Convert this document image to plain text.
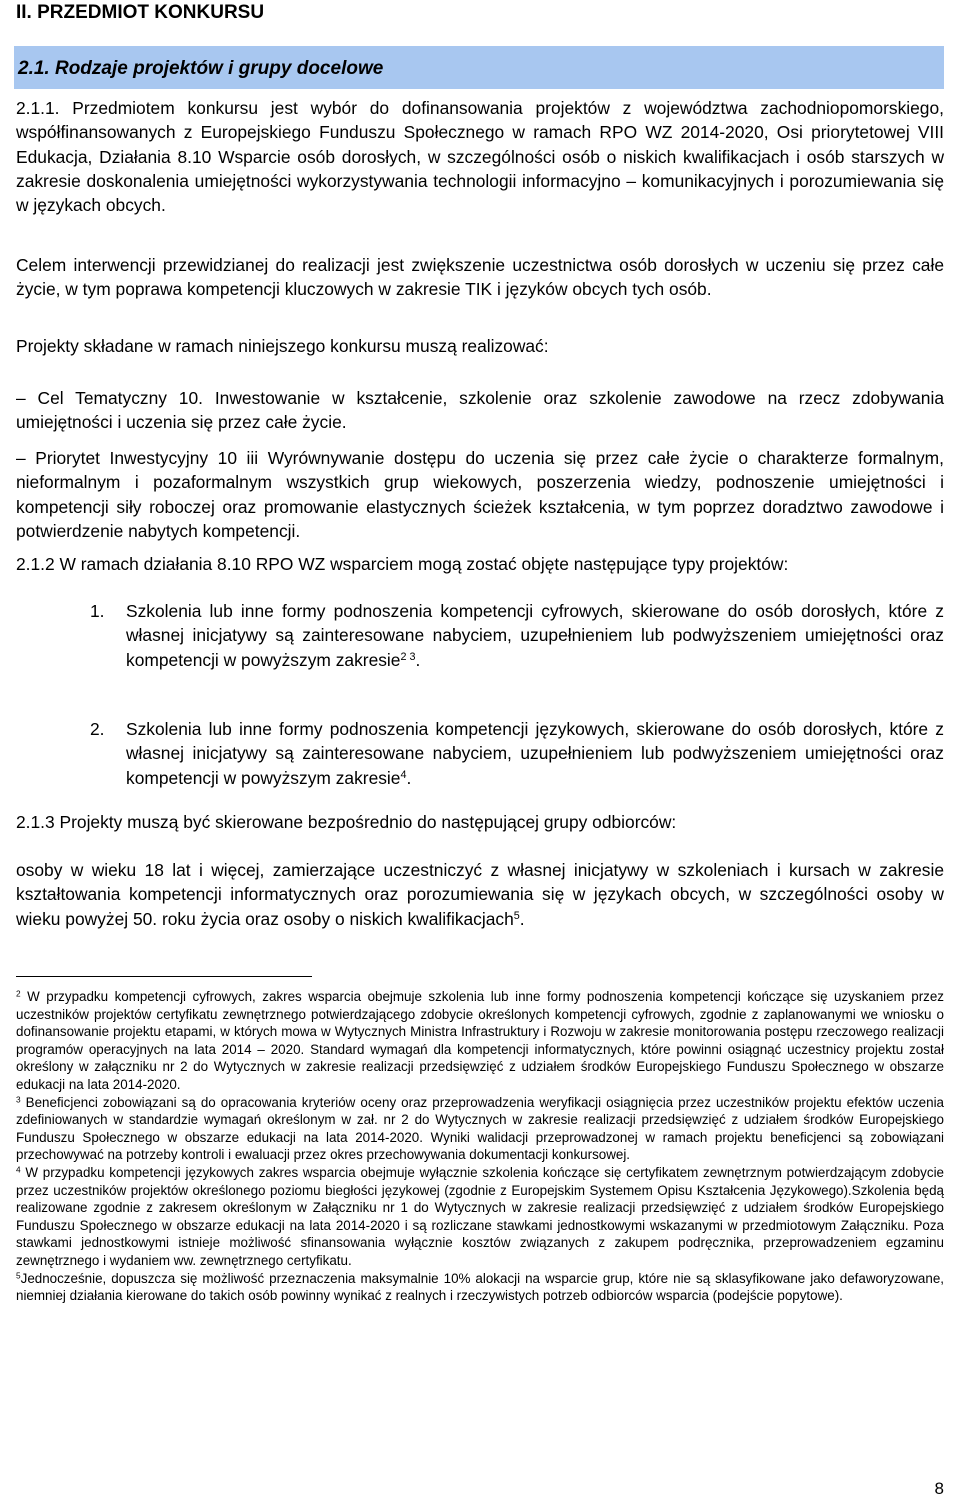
II. PRZEDMIOT KONKURSU
2.1. Rodzaje projektów i grupy docelowe

2.1.1. Przedmiotem konkursu jest wybór do dofinansowania projektów z województwa zachodniopomorskiego, współfinansowanych z Europejskiego Funduszu Społecznego w ramach RPO WZ 2014-2020, Osi priorytetowej VIII Edukacja, Działania 8.10 Wsparcie osób dorosłych, w szczególności osób o niskich kwalifikacjach i osób starszych w zakresie doskonalenia umiejętności wykorzystywania technologii informacyjno – komunikacyjnych i porozumiewania się w językach obcych.

Celem interwencji przewidzianej do realizacji jest zwiększenie uczestnictwa osób dorosłych w uczeniu się przez całe życie, w tym poprawa kompetencji kluczowych w zakresie TIK i języków obcych tych osób.

Projekty składane w ramach niniejszego konkursu muszą realizować:

– Cel Tematyczny 10. Inwestowanie w kształcenie, szkolenie oraz szkolenie zawodowe na rzecz zdobywania umiejętności i uczenia się przez całe życie.

– Priorytet Inwestycyjny 10 iii Wyrównywanie dostępu do uczenia się przez całe życie o charakterze formalnym, nieformalnym i pozaformalnym wszystkich grup wiekowych, poszerzenia wiedzy, podnoszenie umiejętności i kompetencji siły roboczej oraz promowanie elastycznych ścieżek kształcenia, w tym poprzez doradztwo zawodowe i potwierdzenie nabytych kompetencji.

2.1.2 W ramach działania 8.10 RPO WZ wsparciem mogą zostać objęte następujące typy projektów:

1. Szkolenia lub inne formy podnoszenia kompetencji cyfrowych, skierowane do osób dorosłych, które z własnej inicjatywy są zainteresowane nabyciem, uzupełnieniem lub podwyższeniem umiejętności oraz kompetencji w powyższym zakresie$^{2 3}$.
2. Szkolenia lub inne formy podnoszenia kompetencji językowych, skierowane do osób dorosłych, które z własnej inicjatywy są zainteresowane nabyciem, uzupełnieniem lub podwyższeniem umiejętności oraz kompetencji w powyższym zakresie$^4$.

2.1.3 Projekty muszą być skierowane bezpośrednio do następującej grupy odbiorców:

osoby w wieku 18 lat i więcej, zamierzające uczestniczyć z własnej inicjatywy w szkoleniach i kursach w zakresie kształtowania kompetencji informatycznych oraz porozumiewania się w językach obcych, w szczególności osoby w wieku powyżej 50. roku życia oraz osoby o niskich kwalifikacjach$^5$.

$^2$ W przypadku kompetencji cyfrowych, zakres wsparcia obejmuje szkolenia lub inne formy podnoszenia kompetencji kończące się uzyskaniem przez uczestników projektów certyfikatu zewnętrznego potwierdzającego zdobycie określonych kompetencji cyfrowych, zgodnie z zaplanowanymi we wniosku o dofinansowanie projektu etapami, w których mowa w Wytycznych Ministra Infrastruktury i Rozwoju w zakresie monitorowania postępu rzeczowego realizacji programów operacyjnych na lata 2014 – 2020. Standard wymagań dla kompetencji informatycznych, które powinni osiągnąć uczestnicy projektu został określony w załączniku nr 2 do Wytycznych w zakresie realizacji przedsięwzięć z udziałem środków Europejskiego Funduszu Społecznego w obszarze edukacji na lata 2014-2020.

$^3$ Beneficjenci zobowiązani są do opracowania kryteriów oceny oraz przeprowadzenia weryfikacji osiągnięcia przez uczestników projektu efektów uczenia zdefiniowanych w standardzie wymagań określonym w zał. nr 2 do Wytycznych w zakresie realizacji przedsięwzięć z udziałem środków Europejskiego Funduszu Społecznego w obszarze edukacji na lata 2014-2020. Wyniki walidacji przeprowadzonej w ramach projektu beneficjenci są zobowiązani przechowywać na potrzeby kontroli i ewaluacji przez okres przechowywania dokumentacji konkursowej.

$^4$ W przypadku kompetencji językowych zakres wsparcia obejmuje wyłącznie szkolenia kończące się certyfikatem zewnętrznym potwierdzającym zdobycie przez uczestników projektów określonego poziomu biegłości językowej (zgodnie z Europejskim Systemem Opisu Kształcenia Językowego).Szkolenia będą realizowane zgodnie z zakresem określonym w Załączniku nr 1 do Wytycznych w zakresie realizacji przedsięwzięć z udziałem środków Europejskiego Funduszu Społecznego w obszarze edukacji na lata 2014-2020 i są rozliczane stawkami jednostkowymi wskazanymi w przedmiotowym Załączniku. Poza stawkami jednostkowymi istnieje możliwość sfinansowania wyłącznie kosztów związanych z zakupem podręcznika, przeprowadzeniem egzaminu zewnętrznego i wydaniem ww. zewnętrznego certyfikatu.

$^5$Jednocześnie, dopuszcza się możliwość przeznaczenia maksymalnie 10% alokacji na wsparcie grup, które nie są sklasyfikowane jako defaworyzowane, niemniej działania kierowane do takich osób powinny wynikać z realnych i rzeczywistych potrzeb odbiorców wsparcia (podejście popytowe).

8
